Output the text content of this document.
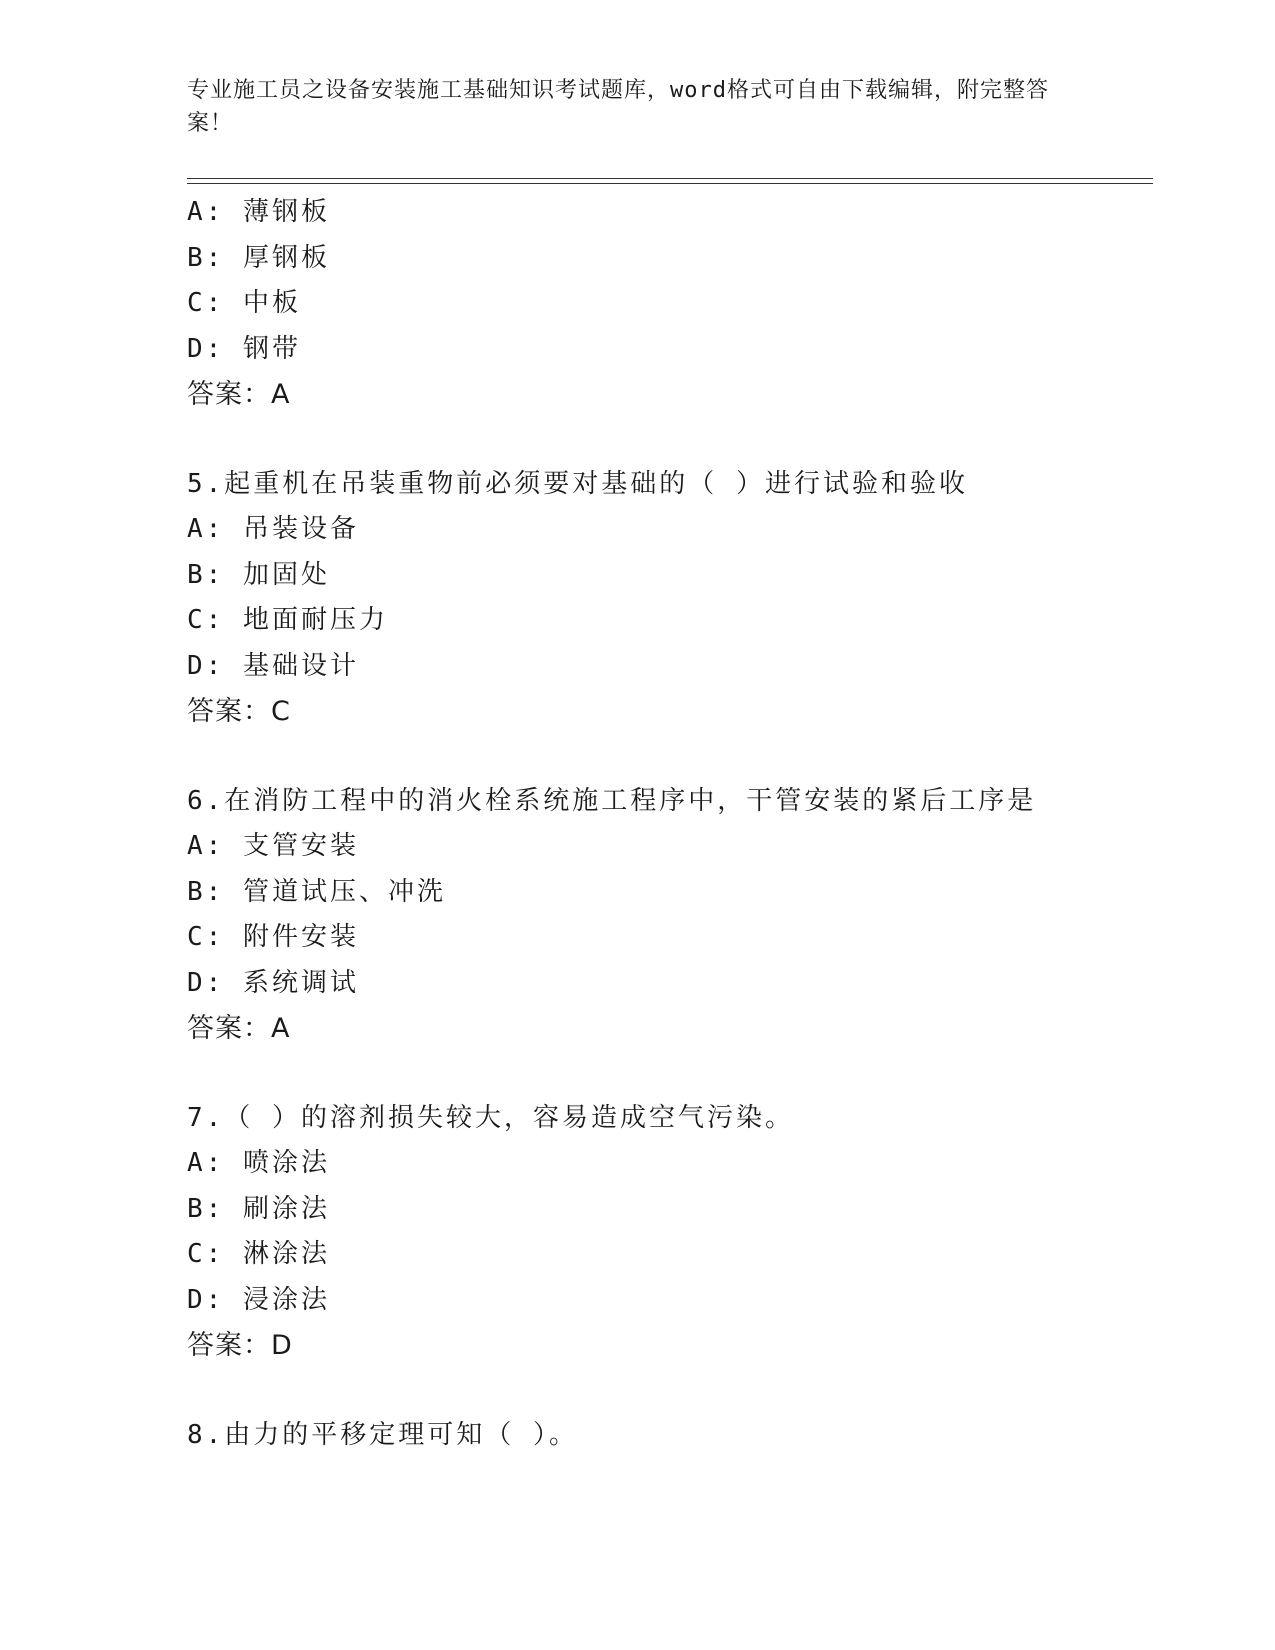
专业施工员之设备安装施工基础知识考试题库，word格式可自由下载编辑，附完整答案！
A: 薄钢板
B: 厚钢板
C: 中板
D: 钢带
答案：A
5.起重机在吊装重物前必须要对基础的（ ）进行试验和验收
A: 吊装设备
B: 加固处
C: 地面耐压力
D: 基础设计
答案：C
6.在消防工程中的消火栓系统施工程序中，干管安装的紧后工序是
A: 支管安装
B: 管道试压、冲洗
C: 附件安装
D: 系统调试
答案：A
7.（ ）的溶剂损失较大，容易造成空气污染。
A: 喷涂法
B: 刷涂法
C: 淋涂法
D: 浸涂法
答案：D
8.由力的平移定理可知（ ）。
